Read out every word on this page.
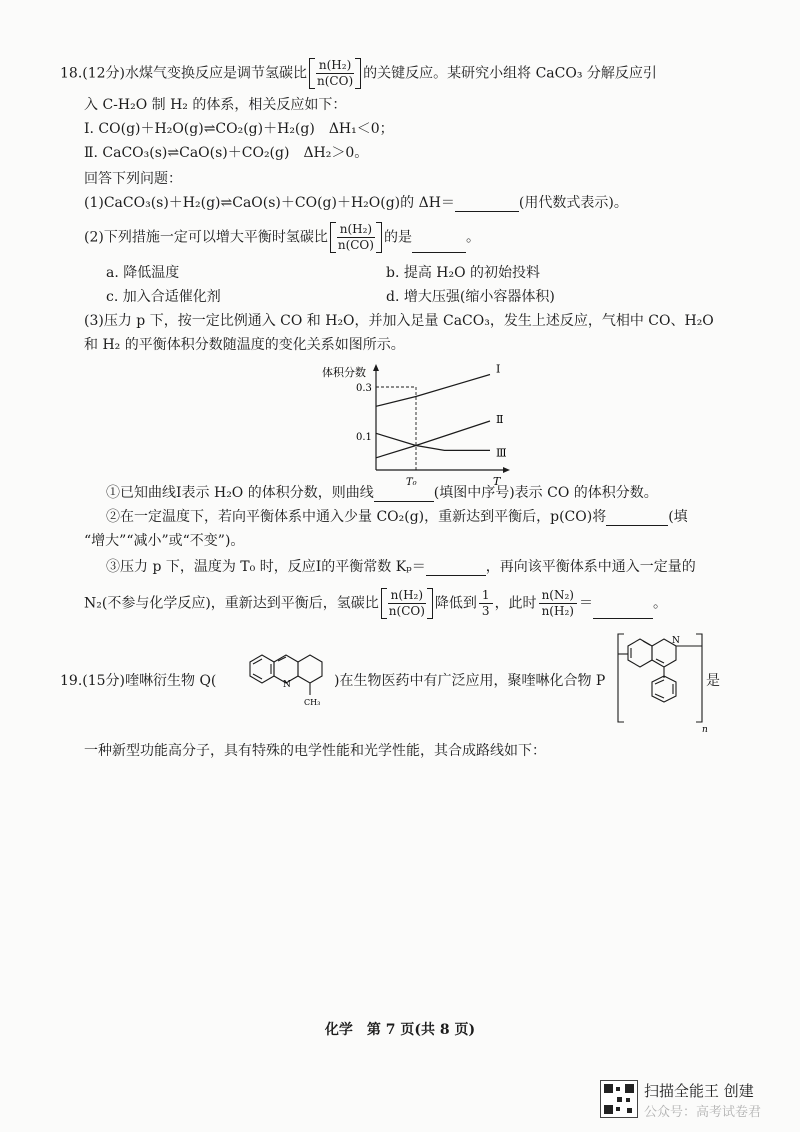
18.(12分)水煤气变换反应是调节氢碳比 $\frac{\text{n(H₂)}}{n(CO)}$ 的关键反应。某研究小组将 CaCO₃ 分解反应引
入 C-H₂O 制 H₂ 的体系，相关反应如下：
Ⅰ. CO(g)＋H₂O(g)⇌CO₂(g)＋H₂(g)　ΔH₁＜0；
Ⅱ. CaCO₃(s)⇌CaO(s)＋CO₂(g)　ΔH₂＞0。
回答下列问题：
(1)CaCO₃(s)＋H₂(g)⇌CaO(s)＋CO(g)＋H₂O(g)的 ΔH＝	(用代数式表示)。
(2)下列措施一定可以增大平衡时氢碳比 $\frac{\text{n(H₂)}}{n(CO)}$ 的是	。
a. 降低温度	b. 提高 H₂O 的初始投料
c. 加入合适催化剂	d. 增大压强(缩小容器体积)
(3)压力 p 下，按一定比例通入 CO 和 H₂O，并加入足量 CaCO₃，发生上述反应，气相中 CO、H₂O
和 H₂ 的平衡体积分数随温度的变化关系如图所示。
体积分数
T
0.3
0.1
T₀
Ⅰ
Ⅱ
Ⅲ
①已知曲线Ⅰ表示 H₂O 的体积分数，则曲线	(填图中序号)表示 CO 的体积分数。
②在一定温度下，若向平衡体系中通入少量 CO₂(g)，重新达到平衡后，p(CO)将	(填
“增大”“减小”或“不变”)。
③压力 p 下，温度为 T₀ 时，反应Ⅰ的平衡常数 Kₚ＝	，再向该平衡体系中通入一定量的
N₂(不参与化学反应)，重新达到平衡后，氢碳比 $\frac{\text{n(H₂)}}{n(CO)}$ 降低到 $\frac{1}{3}$ ，此时 $\frac{\text{n(N₂)}}{\text{n(H₂)}}$ ＝	。
19.(15分)喹啉衍生物 Q(	N
CH₃
)在生物医药中有广泛应用，聚喹啉化合物 P
N
n
是
一种新型功能高分子，具有特殊的电学性能和光学性能，其合成路线如下：
化学　第 7 页(共 8 页)
扫描全能王 创建
公众号：高考试卷君
